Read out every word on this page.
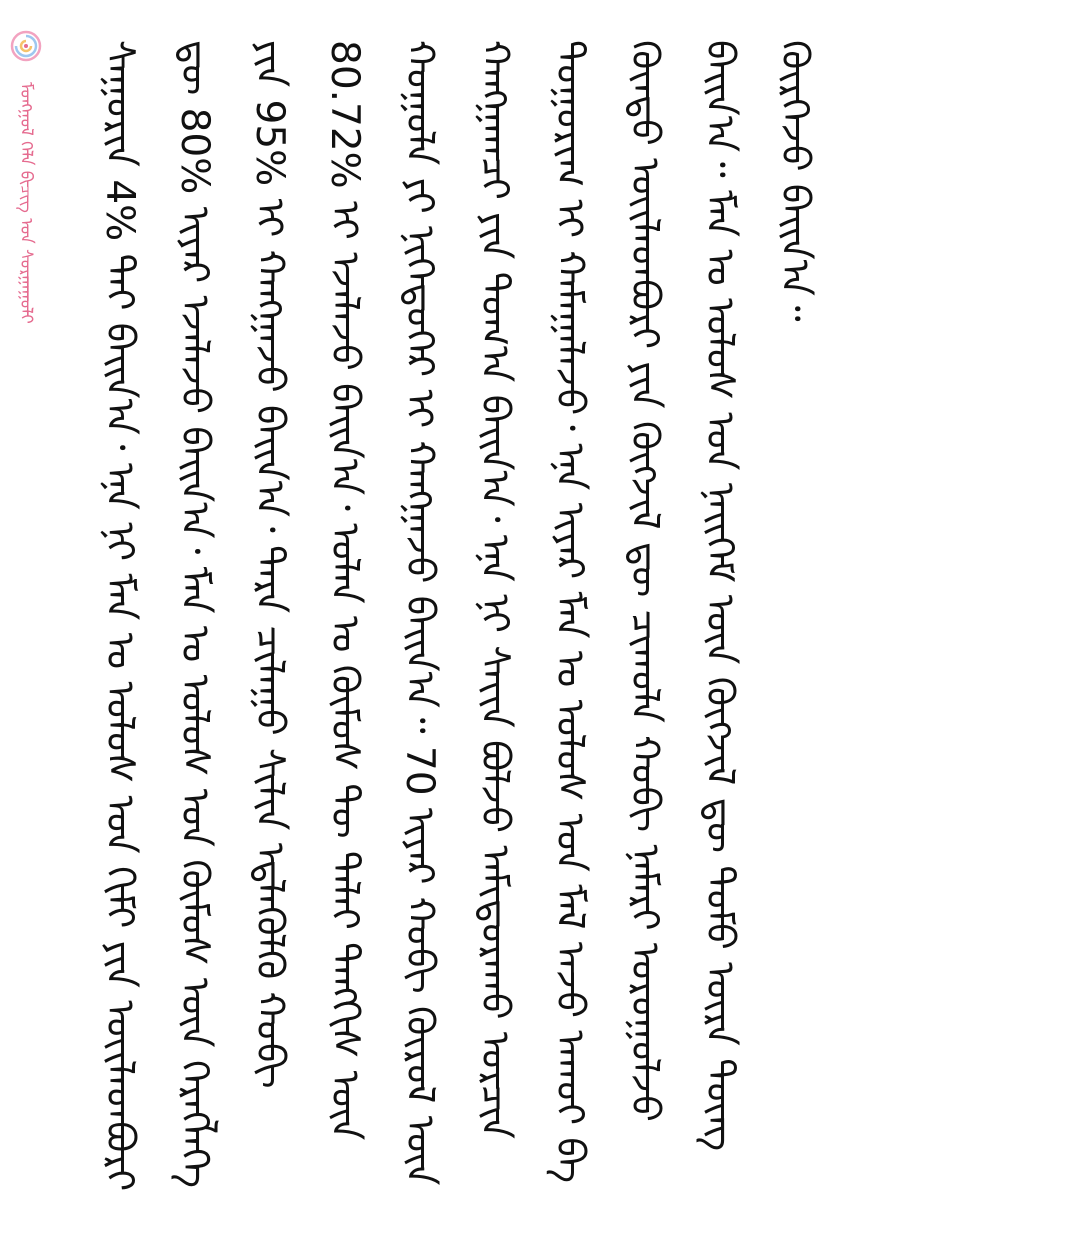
ᠮᠣᠩᠭᠣᠯ ᠬᠡᠯᠡ ᠪᠢᠴᠢᠭ ᠤᠨ ᠰᠤᠷᠭᠠᠭᠤᠯᠢ	ᠰᠠᠭᠤᠷᠢᠨ 4% ᠲᠠᠢ ᠪᠠᠢᠨ᠎ᠠ᠂ ᠡᠨᠡ ᠨᠢ ᠮᠠᠨ ᠤ ᠤᠯᠤᠰ ᠤᠨ ᠬᠢᠮᠢ ᠶᠢᠨ ᠦᠢᠯᠡᠳᠪᠦᠷᠢ ᠳᠦ 80% ᠢᠶᠠᠷ ᠡᠵᠡᠯᠡᠵᠦ ᠪᠠᠢᠨ᠎ᠠ᠂ ᠮᠠᠨ ᠤ ᠤᠯᠤᠰ ᠤᠨ ᠬᠦᠮᠦᠰ ᠦᠨ ᠬᠡᠷᠡᠭᠯᠡᠭᠡ ᠶᠢᠨ 95% ᠢ ᠬᠠᠩᠭᠠᠵᠤ ᠪᠠᠢᠨ᠎ᠠ᠂ ᠲᠡᠷᠡ ᠴᠢᠯᠠᠭᠤ ᠰᠢᠯᠢᠨ ᠡᠳ᠋ᠯᠡᠭᠦᠯᠬᠦ ᠬᠤᠪᠢ 80.72% ᠢ ᠡᠵᠡᠯᠡᠵᠦ ᠪᠠᠢᠨ᠎ᠠ᠂ ᠣᠯᠠᠨ ᠤ ᠬᠦᠮᠦᠰ ᠲᠦ ᠳᠠᠯᠠᠢ ᠲᠡᠩᠭᠢᠰ ᠦᠨ ᠬᠣᠭᠣᠯᠠ ᠶᠢ ᠨᠢᠭᠡᠳᠦᠭᠡᠷ ᠢ ᠬᠠᠩᠭᠠᠵᠤ ᠪᠠᠢᠨ᠎ᠠ᠃ 70 ᠢᠶᠠᠷ ᠬᠤᠪᠢ ᠬᠦᠷᠦᠯ ᠦᠨ ᠬᠠᠩᠭᠠᠭᠴᠢ ᠶᠢᠨ ᠲᠣᠭ᠎ᠠ ᠪᠠᠢᠨ᠎ᠠ᠂ ᠡᠨᠡ ᠨᠢ ᠰᠠᠶ᠋ᠢᠨ ᠪᠣᠯᠵᠤ ᠠᠮᠢᠳᠤᠷᠠᠬᠤ ᠣᠷᠴᠢᠨ ᠲᠣᠭᠣᠷᠢᠭ ᠢ ᠬᠠᠮᠠᠭᠠᠯᠠᠵᠤ᠂ ᠡᠨᠡ ᠢᠶᠠᠷ ᠮᠠᠨ ᠤ ᠤᠯᠤᠰ ᠤᠨ ᠮᠠᠯ ᠠᠵᠤ ᠠᠬᠤᠢ ᠪᠠ ᠬᠦᠨᠳᠦ ᠦᠢᠯᠡᠳᠪᠦᠷᠢ ᠶᠢᠨ ᠬᠥᠭᠵᠢᠯ ᠳᠦ ᠴᠢᠬᠤᠯᠠ ᠬᠤᠪᠢ ᠨᠡᠮᠡᠷᠢ ᠣᠷᠣᠭᠤᠯᠵᠤ ᠪᠠᠢᠨ᠎ᠠ᠃ ᠮᠠᠨ ᠤ ᠤᠯᠤᠰ ᠤᠨ ᠨᠡᠢᠭᠡᠮ ᠦᠨ ᠬᠥᠭᠵᠢᠯ ᠳᠦ ᠲᠣᠮᠣ ᠦᠷᠡ ᠳᠦᠩ ᠬᠦᠷᠭᠡᠵᠦ ᠪᠠᠢᠨ᠎ᠠ᠃
